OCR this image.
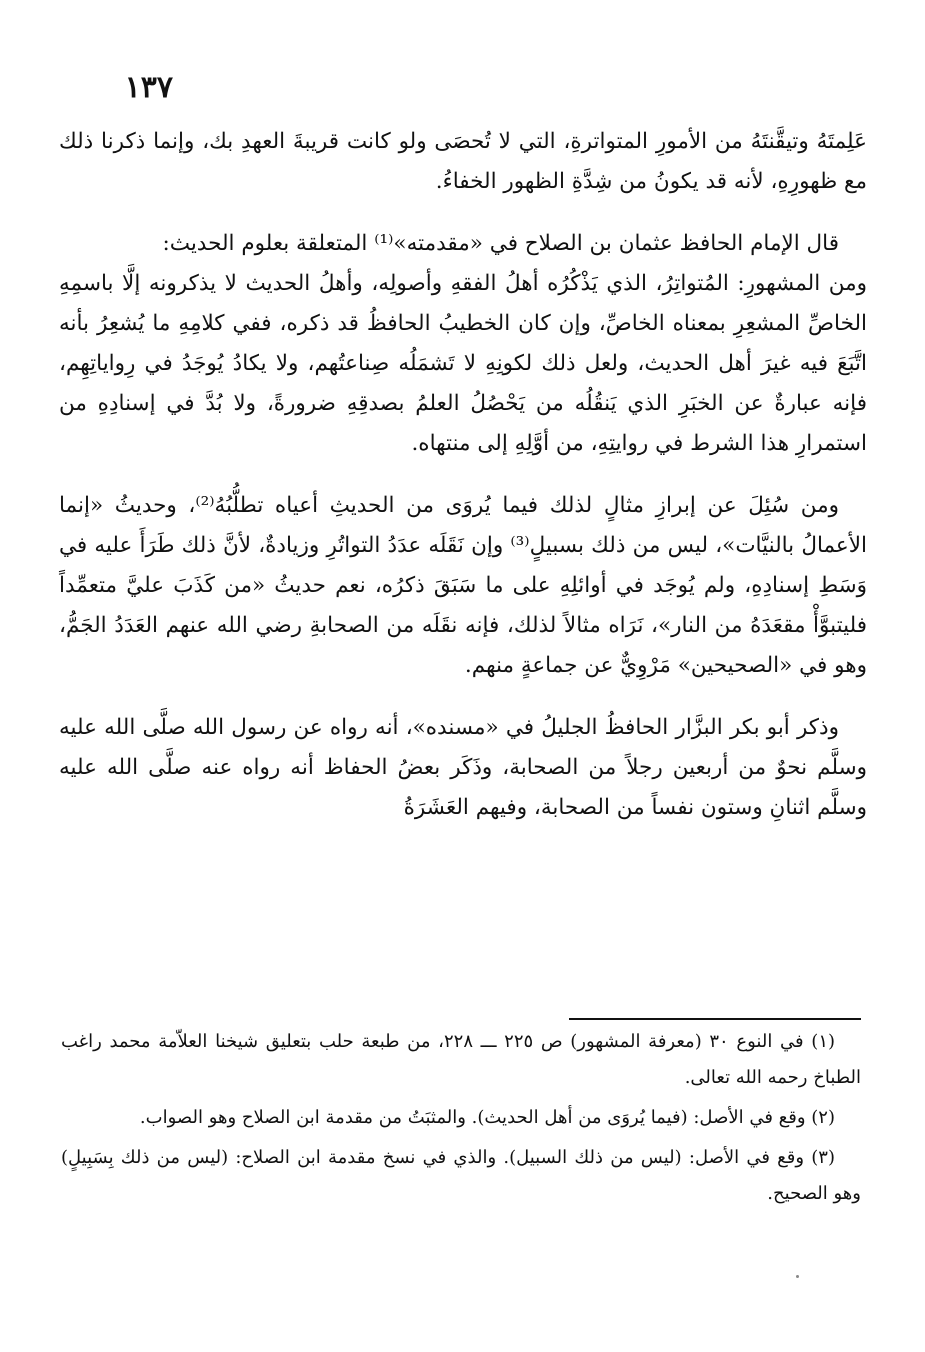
١٣٧

عَلِمتَهُ وتيقَّنتَهُ من الأمورِ المتواترةِ، التي لا تُحصَى ولو كانت قريبةَ العهدِ بك، وإنما ذكرنا ذلك مع ظهورِهِ، لأنه قد يكونُ من شِدَّةِ الظهور الخفاءُ.

قال الإمام الحافظ عثمان بن الصلاح في «مقدمته»⁽¹⁾ المتعلقة بعلوم الحديث:

ومن المشهورِ: المُتواتِرُ، الذي يَذْكُرُه أهلُ الفقهِ وأصولِه، وأهلُ الحديث لا يذكرونه إلَّا باسمِهِ الخاصِّ المشعِرِ بمعناه الخاصِّ، وإن كان الخطيبُ الحافظُ قد ذكره، ففي كلامِهِ ما يُشعِرُ بأنه اتَّبَعَ فيه غيرَ أهل الحديث، ولعل ذلك لكونِهِ لا تَشمَلُه صِناعتُهم، ولا يكادُ يُوجَدُ في رِواياتِهِم، فإنه عبارةٌ عن الخبَرِ الذي يَنقُلُه من يَحْصُلُ العلمُ بصدقِهِ ضرورةً، ولا بُدَّ في إسنادِهِ من استمرارِ هذا الشرط في روايتِهِ، من أوَّلِهِ إلى منتهاه.

ومن سُئِلَ عن إبرازِ مثالٍ لذلك فيما يُروَى من الحديثِ أعياه تطلُّبُهُ⁽²⁾، وحديثُ «إنما الأعمالُ بالنيَّات»، ليس من ذلك بسبيلٍ⁽³⁾ وإن نَقَلَه عدَدُ التواتُرِ وزيادةٌ، لأنَّ ذلك طَرَأَ عليه في وَسَطِ إسنادِهِ، ولم يُوجَد في أوائلِهِ على ما سَبَقَ ذكرُه، نعم حديثُ «من كَذَبَ عليَّ متعمِّداً فليتبوَّأْ مقعَدَهُ من النار»، نَرَاه مثالاً لذلك، فإنه نقَلَه من الصحابةِ رضي الله عنهم العَدَدُ الجَمُّ، وهو في «الصحيحين» مَرْوِيٌّ عن جماعةٍ منهم.

وذكر أبو بكر البزَّار الحافظُ الجليلُ في «مسنده»، أنه رواه عن رسول الله صلَّى الله عليه وسلَّم نحوٌ من أربعين رجلاً من الصحابة، وذَكَر بعضُ الحفاظ أنه رواه عنه صلَّى الله عليه وسلَّم اثنانِ وستون نفساً من الصحابة، وفيهم العَشَرَةُ

(١) في النوع ٣٠ (معرفة المشهور) ص ٢٢٥ ـــ ٢٢٨، من طبعة حلب بتعليق شيخنا العلاّمة محمد راغب الطباخ رحمه الله تعالى.

(٢) وقع في الأصل: (فيما يُروَى من أهل الحديث). والمثبَتُ من مقدمة ابن الصلاح وهو الصواب.

(٣) وقع في الأصل: (ليس من ذلك السبيل). والذي في نسخ مقدمة ابن الصلاح: (ليس من ذلك بِسَبِيلٍ) وهو الصحيح.
